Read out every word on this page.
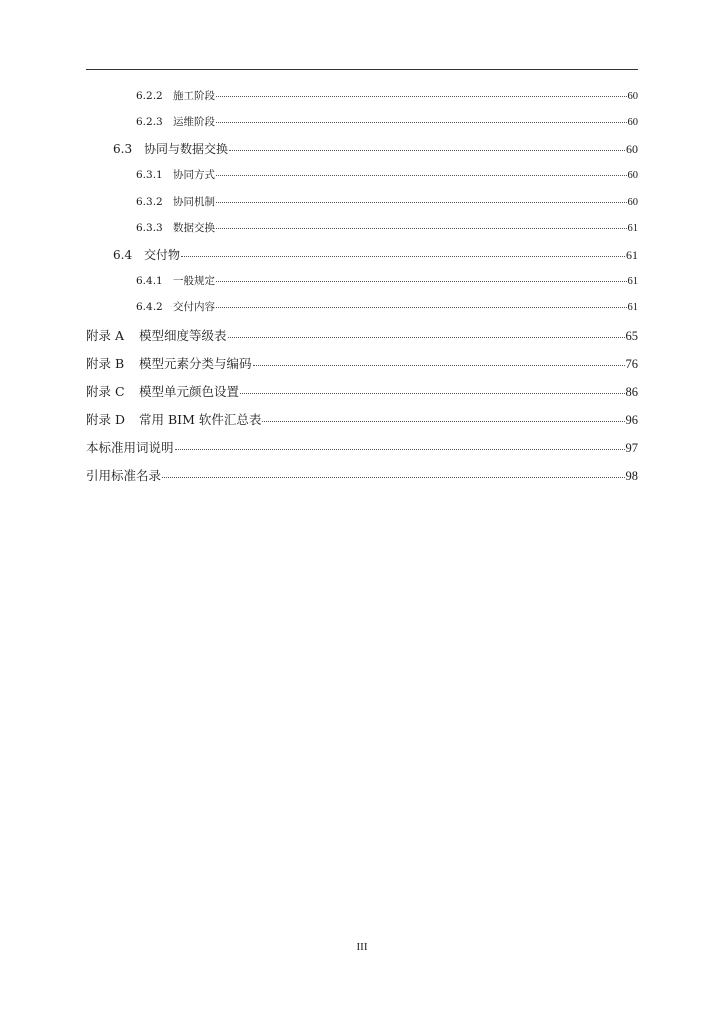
6.2.2 施工阶段	60
6.2.3 运维阶段	60
6.3 协同与数据交换	60
6.3.1 协同方式	60
6.3.2 协同机制	60
6.3.3 数据交换	61
6.4 交付物	61
6.4.1 一般规定	61
6.4.2 交付内容	61
附录 A	模型细度等级表	65
附录 B	模型元素分类与编码	76
附录 C	模型单元颜色设置	86
附录 D	常用 BIM 软件汇总表	96
本标准用词说明	97
引用标准名录	98
III
